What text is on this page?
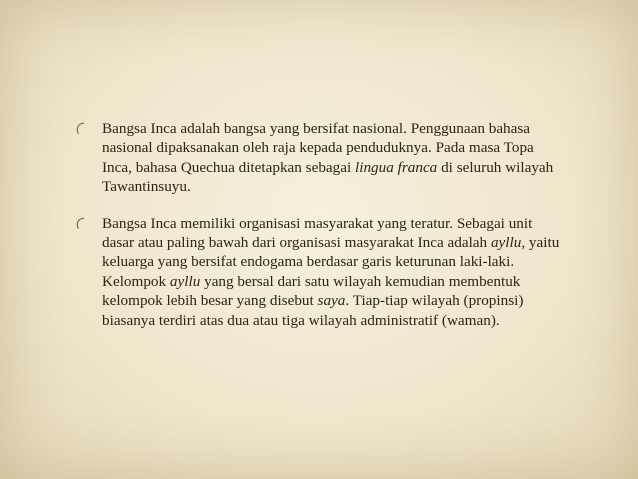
Bangsa Inca adalah bangsa yang bersifat nasional. Penggunaan bahasa nasional dipaksanakan oleh raja kepada penduduknya. Pada masa Topa Inca, bahasa Quechua ditetapkan sebagai lingua franca di seluruh wilayah Tawantinsuyu.
Bangsa Inca memiliki organisasi masyarakat yang teratur. Sebagai unit dasar atau paling bawah dari organisasi masyarakat Inca adalah ayllu, yaitu keluarga yang bersifat endogama berdasar garis keturunan laki-laki. Kelompok ayllu yang bersal dari satu wilayah kemudian membentuk kelompok lebih besar yang disebut saya. Tiap-tiap wilayah (propinsi) biasanya terdiri atas dua atau tiga wilayah administratif (waman).
